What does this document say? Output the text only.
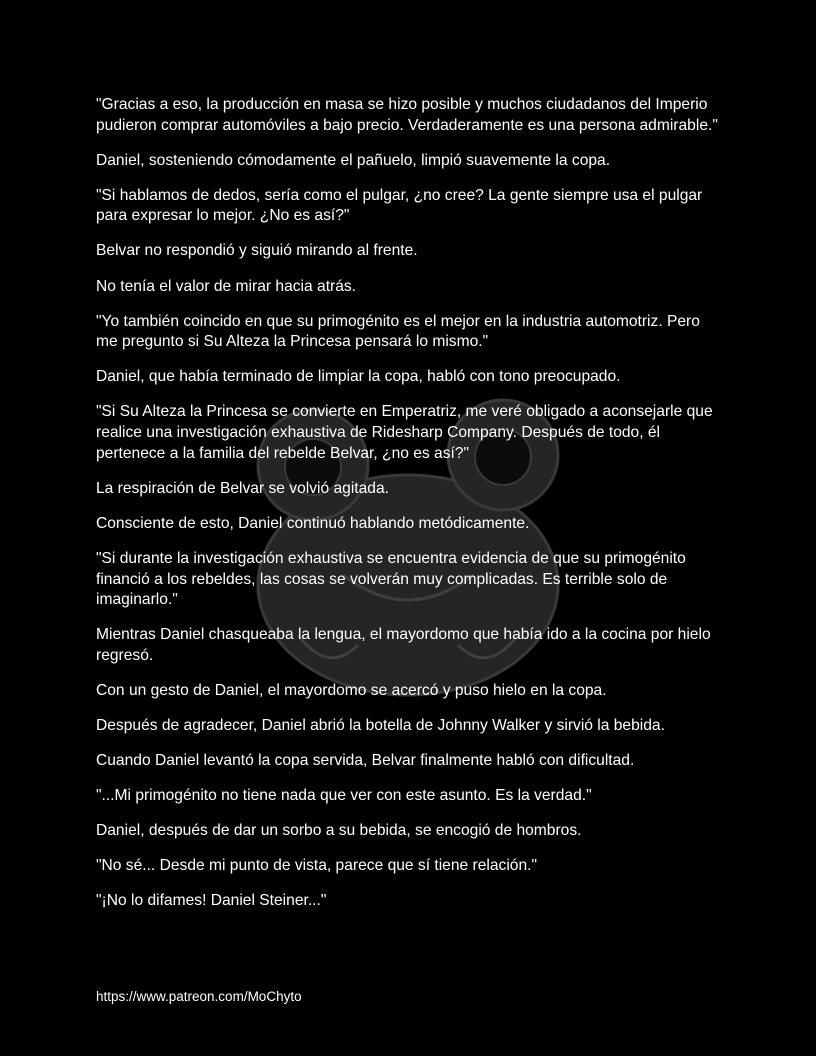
"Gracias a eso, la producción en masa se hizo posible y muchos ciudadanos del Imperio pudieron comprar automóviles a bajo precio. Verdaderamente es una persona admirable."

Daniel, sosteniendo cómodamente el pañuelo, limpió suavemente la copa.

"Si hablamos de dedos, sería como el pulgar, ¿no cree? La gente siempre usa el pulgar para expresar lo mejor. ¿No es así?"

Belvar no respondió y siguió mirando al frente.

No tenía el valor de mirar hacia atrás.

"Yo también coincido en que su primogénito es el mejor en la industria automotriz. Pero me pregunto si Su Alteza la Princesa pensará lo mismo."

Daniel, que había terminado de limpiar la copa, habló con tono preocupado.

"Si Su Alteza la Princesa se convierte en Emperatriz, me veré obligado a aconsejarle que realice una investigación exhaustiva de Ridesharp Company. Después de todo, él pertenece a la familia del rebelde Belvar, ¿no es así?"

La respiración de Belvar se volvió agitada.

Consciente de esto, Daniel continuó hablando metódicamente.

"Si durante la investigación exhaustiva se encuentra evidencia de que su primogénito financió a los rebeldes, las cosas se volverán muy complicadas. Es terrible solo de imaginarlo."

Mientras Daniel chasqueaba la lengua, el mayordomo que había ido a la cocina por hielo regresó.

Con un gesto de Daniel, el mayordomo se acercó y puso hielo en la copa.

Después de agradecer, Daniel abrió la botella de Johnny Walker y sirvió la bebida.

Cuando Daniel levantó la copa servida, Belvar finalmente habló con dificultad.

"...Mi primogénito no tiene nada que ver con este asunto. Es la verdad."

Daniel, después de dar un sorbo a su bebida, se encogió de hombros.

"No sé... Desde mi punto de vista, parece que sí tiene relación."

"¡No lo difames! Daniel Steiner..."

https://www.patreon.com/MoChyto
